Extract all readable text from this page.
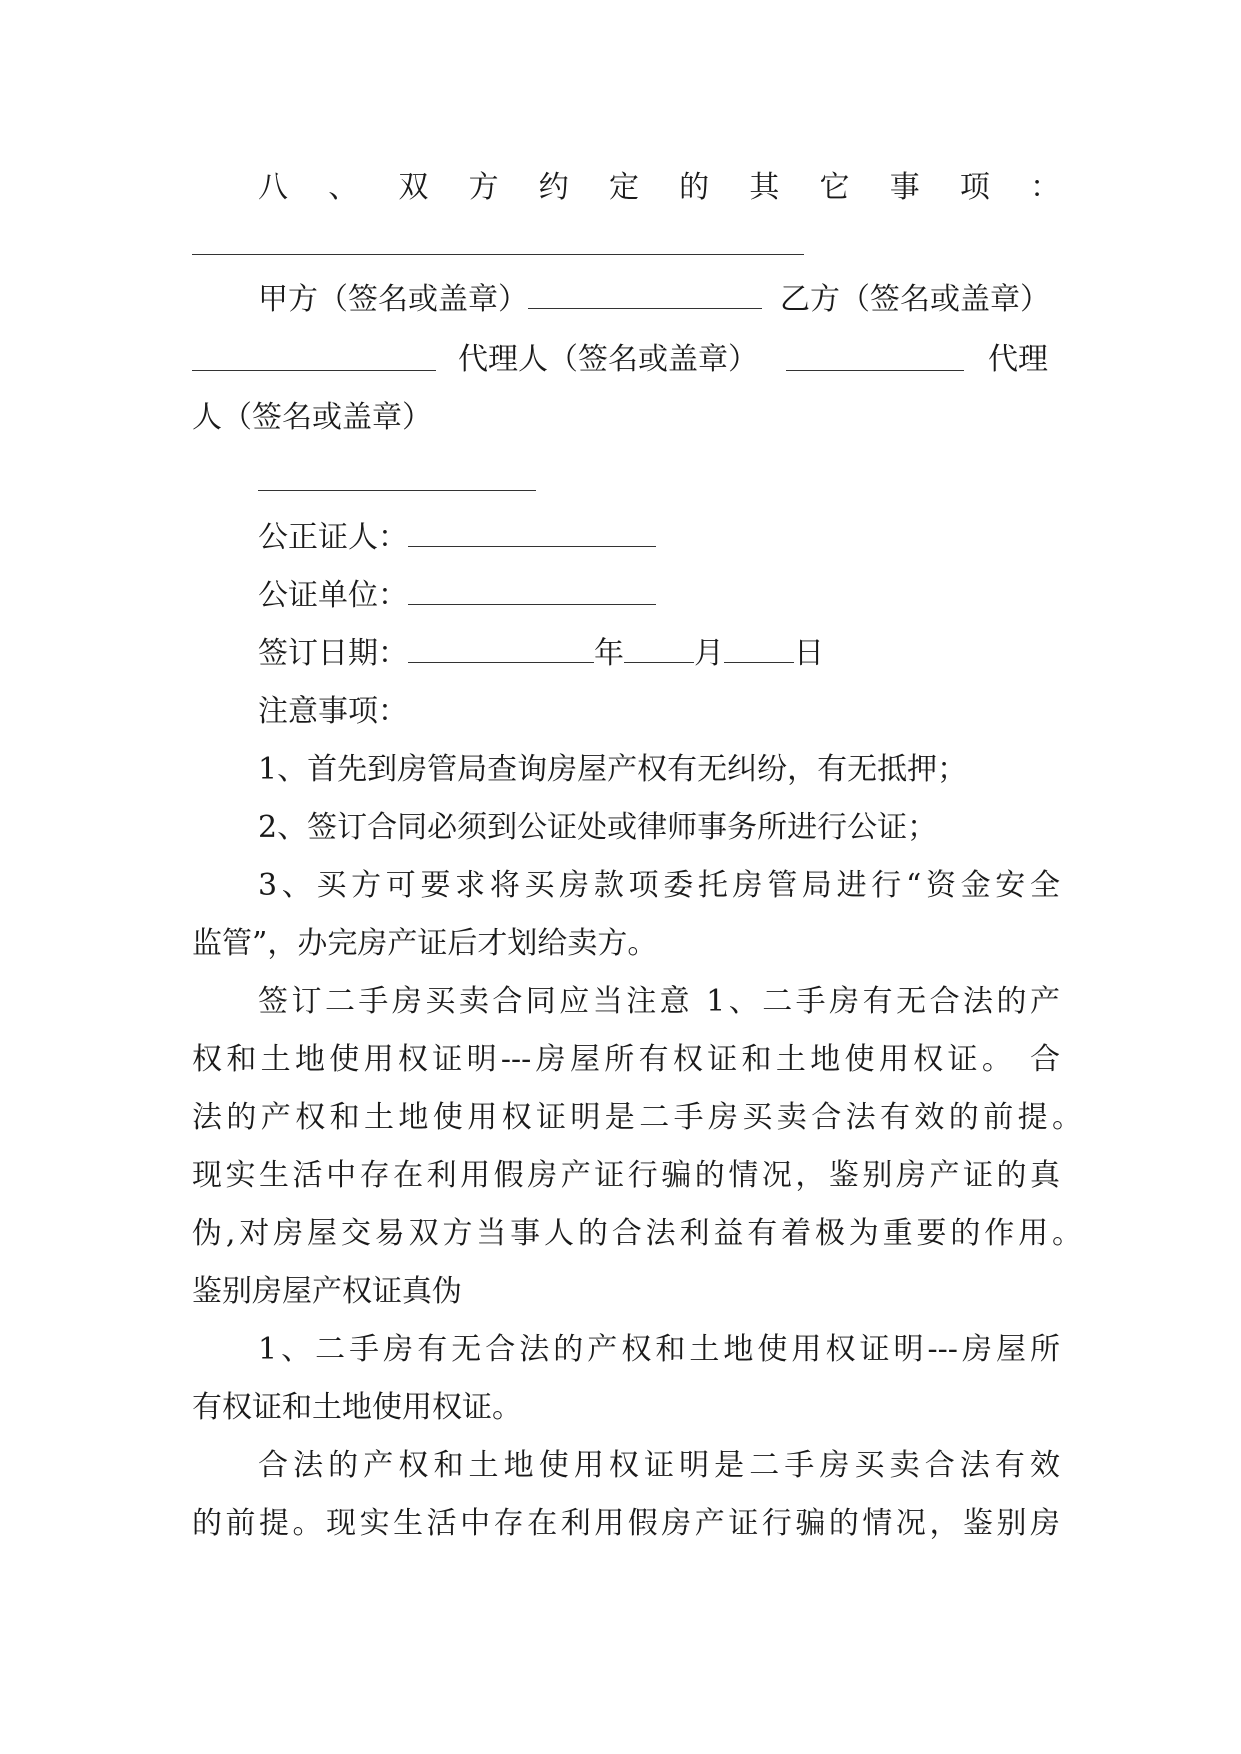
八 、 双 方 约 定 的 其 它 事 项 ：
甲方（签名或盖章）	乙方（签名或盖章）
代理人（签名或盖章）	代理
人（签名或盖章）
公正证人：
公证单位：
签订日期：	年 月 日
注意事项：
1、首先到房管局查询房屋产权有无纠纷，有无抵押；
2、签订合同必须到公证处或律师事务所进行公证；
3、买方可要求将买房款项委托房管局进行“资金安全
监管”，办完房产证后才划给卖方。
签订二手房买卖合同应当注意 1、二手房有无合法的产
权和土地使用权证明---房屋所有权证和土地使用权证。 合
法的产权和土地使用权证明是二手房买卖合法有效的前提。
现实生活中存在利用假房产证行骗的情况，鉴别房产证的真
伪,对房屋交易双方当事人的合法利益有着极为重要的作用。
鉴别房屋产权证真伪
1、二手房有无合法的产权和土地使用权证明---房屋所
有权证和土地使用权证。
合法的产权和土地使用权证明是二手房买卖合法有效
的前提。现实生活中存在利用假房产证行骗的情况，鉴别房
